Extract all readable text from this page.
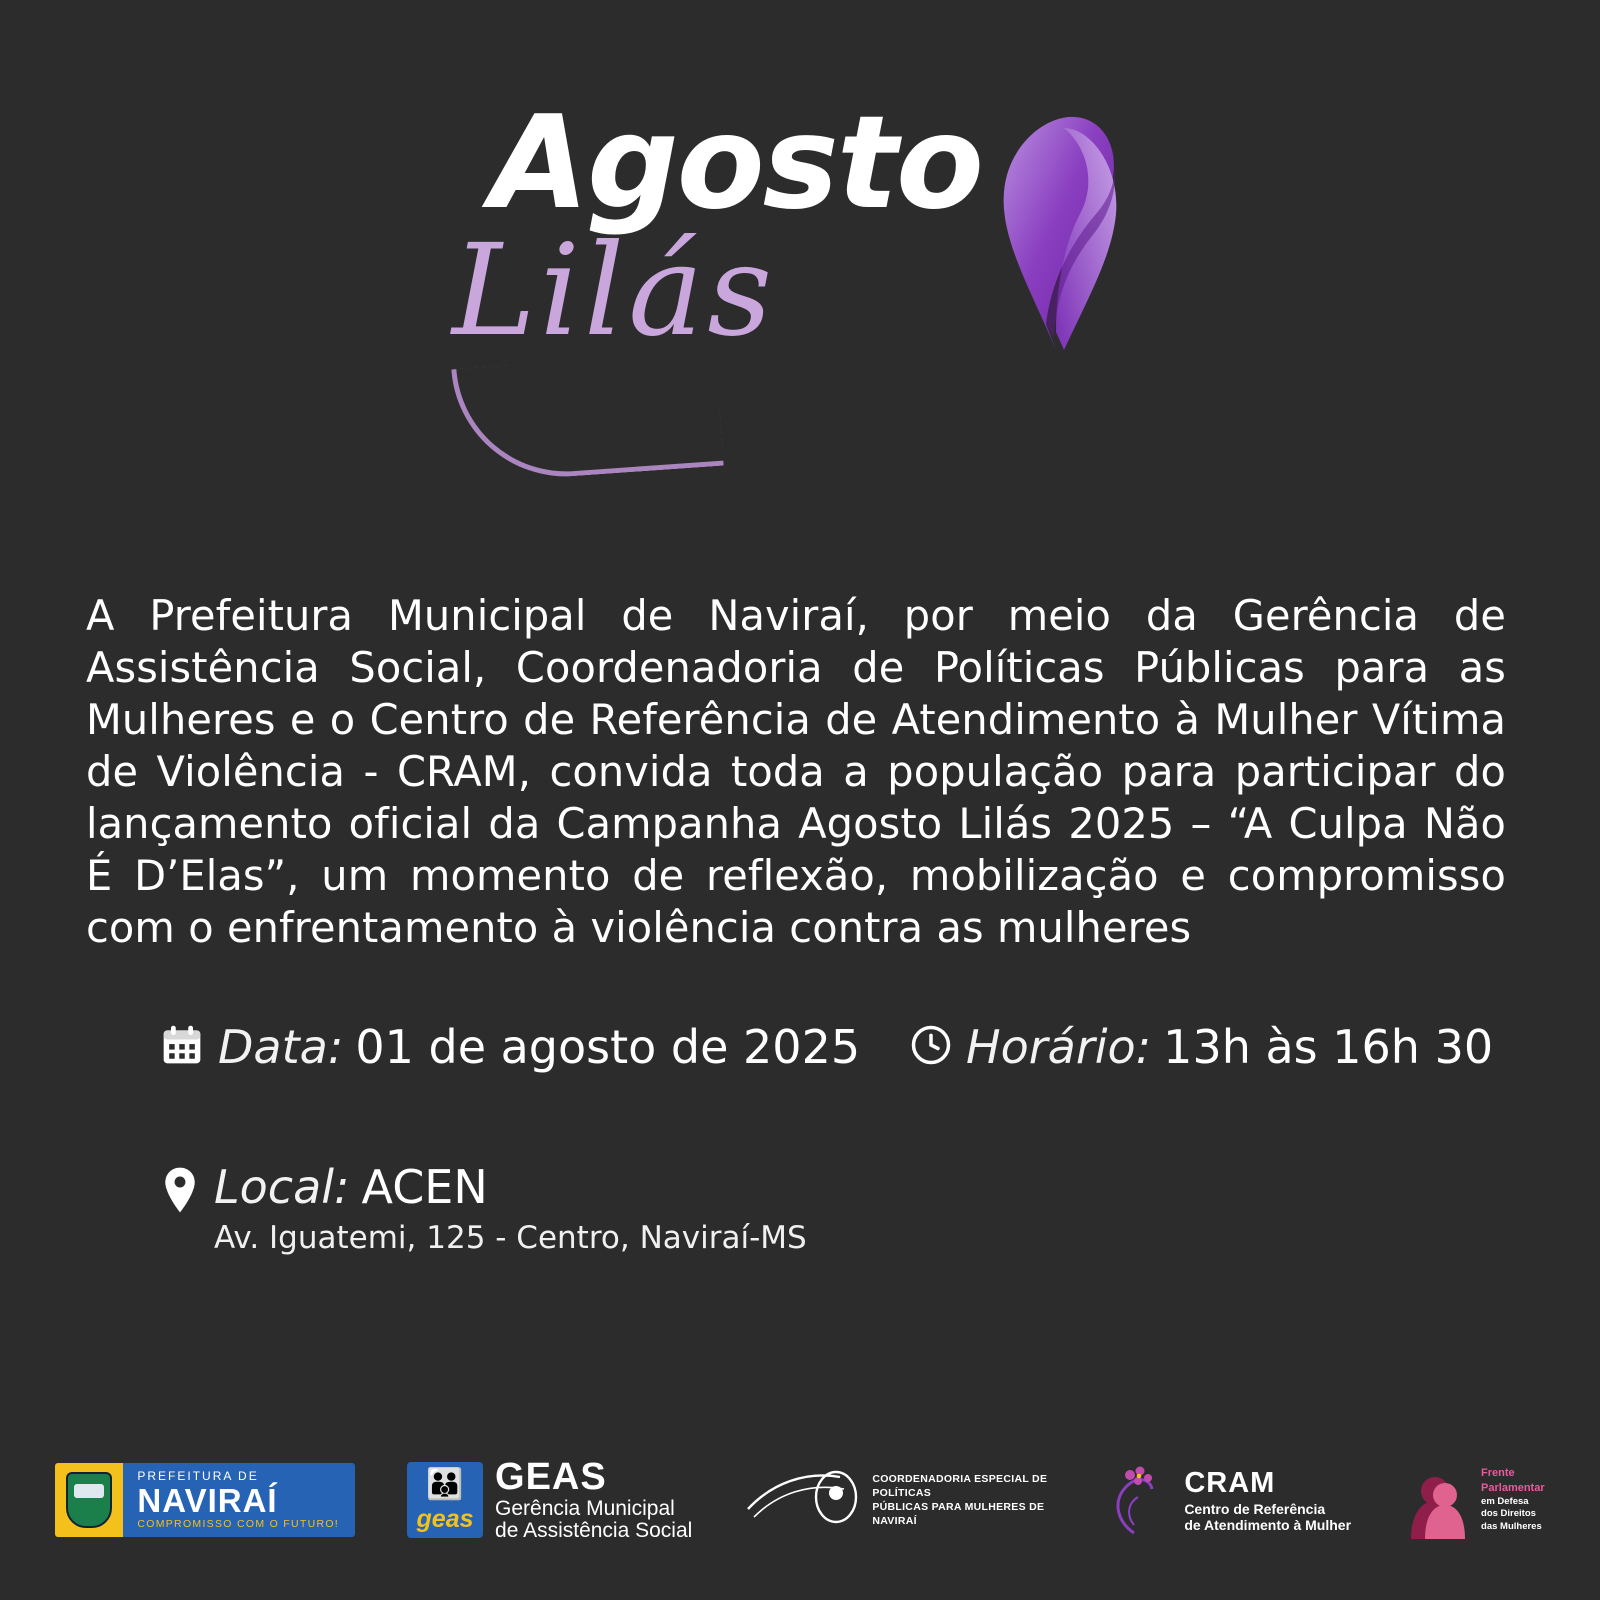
Agosto
Lilás

A Prefeitura Municipal de Naviraí, por meio da Gerência de Assistência Social, Coordenadoria de Políticas Públicas para as Mulheres e o Centro de Referência de Atendimento à Mulher Vítima de Violência - CRAM, convida toda a população para participar do lançamento oficial da Campanha Agosto Lilás 2025 – “A Culpa Não É D’Elas”, um momento de reflexão, mobilização e compromisso com o enfrentamento à violência contra as mulheres

Data: 01 de agosto de 2025 Horário: 13h às 16h 30
Local: ACEN
Av. Iguatemi, 125 - Centro, Naviraí-MS
PREFEITURA DE
NAVIRAÍ
COMPROMISSO COM O FUTURO!
👪
geas
GEAS
Gerência Municipal
de Assistência Social
COORDENADORIA ESPECIAL DE POLÍTICAS
PÚBLICAS PARA MULHERES DE NAVIRAÍ
CRAM
Centro de Referência
de Atendimento à Mulher
Frente
Parlamentar
em Defesa
dos Direitos
das Mulheres
